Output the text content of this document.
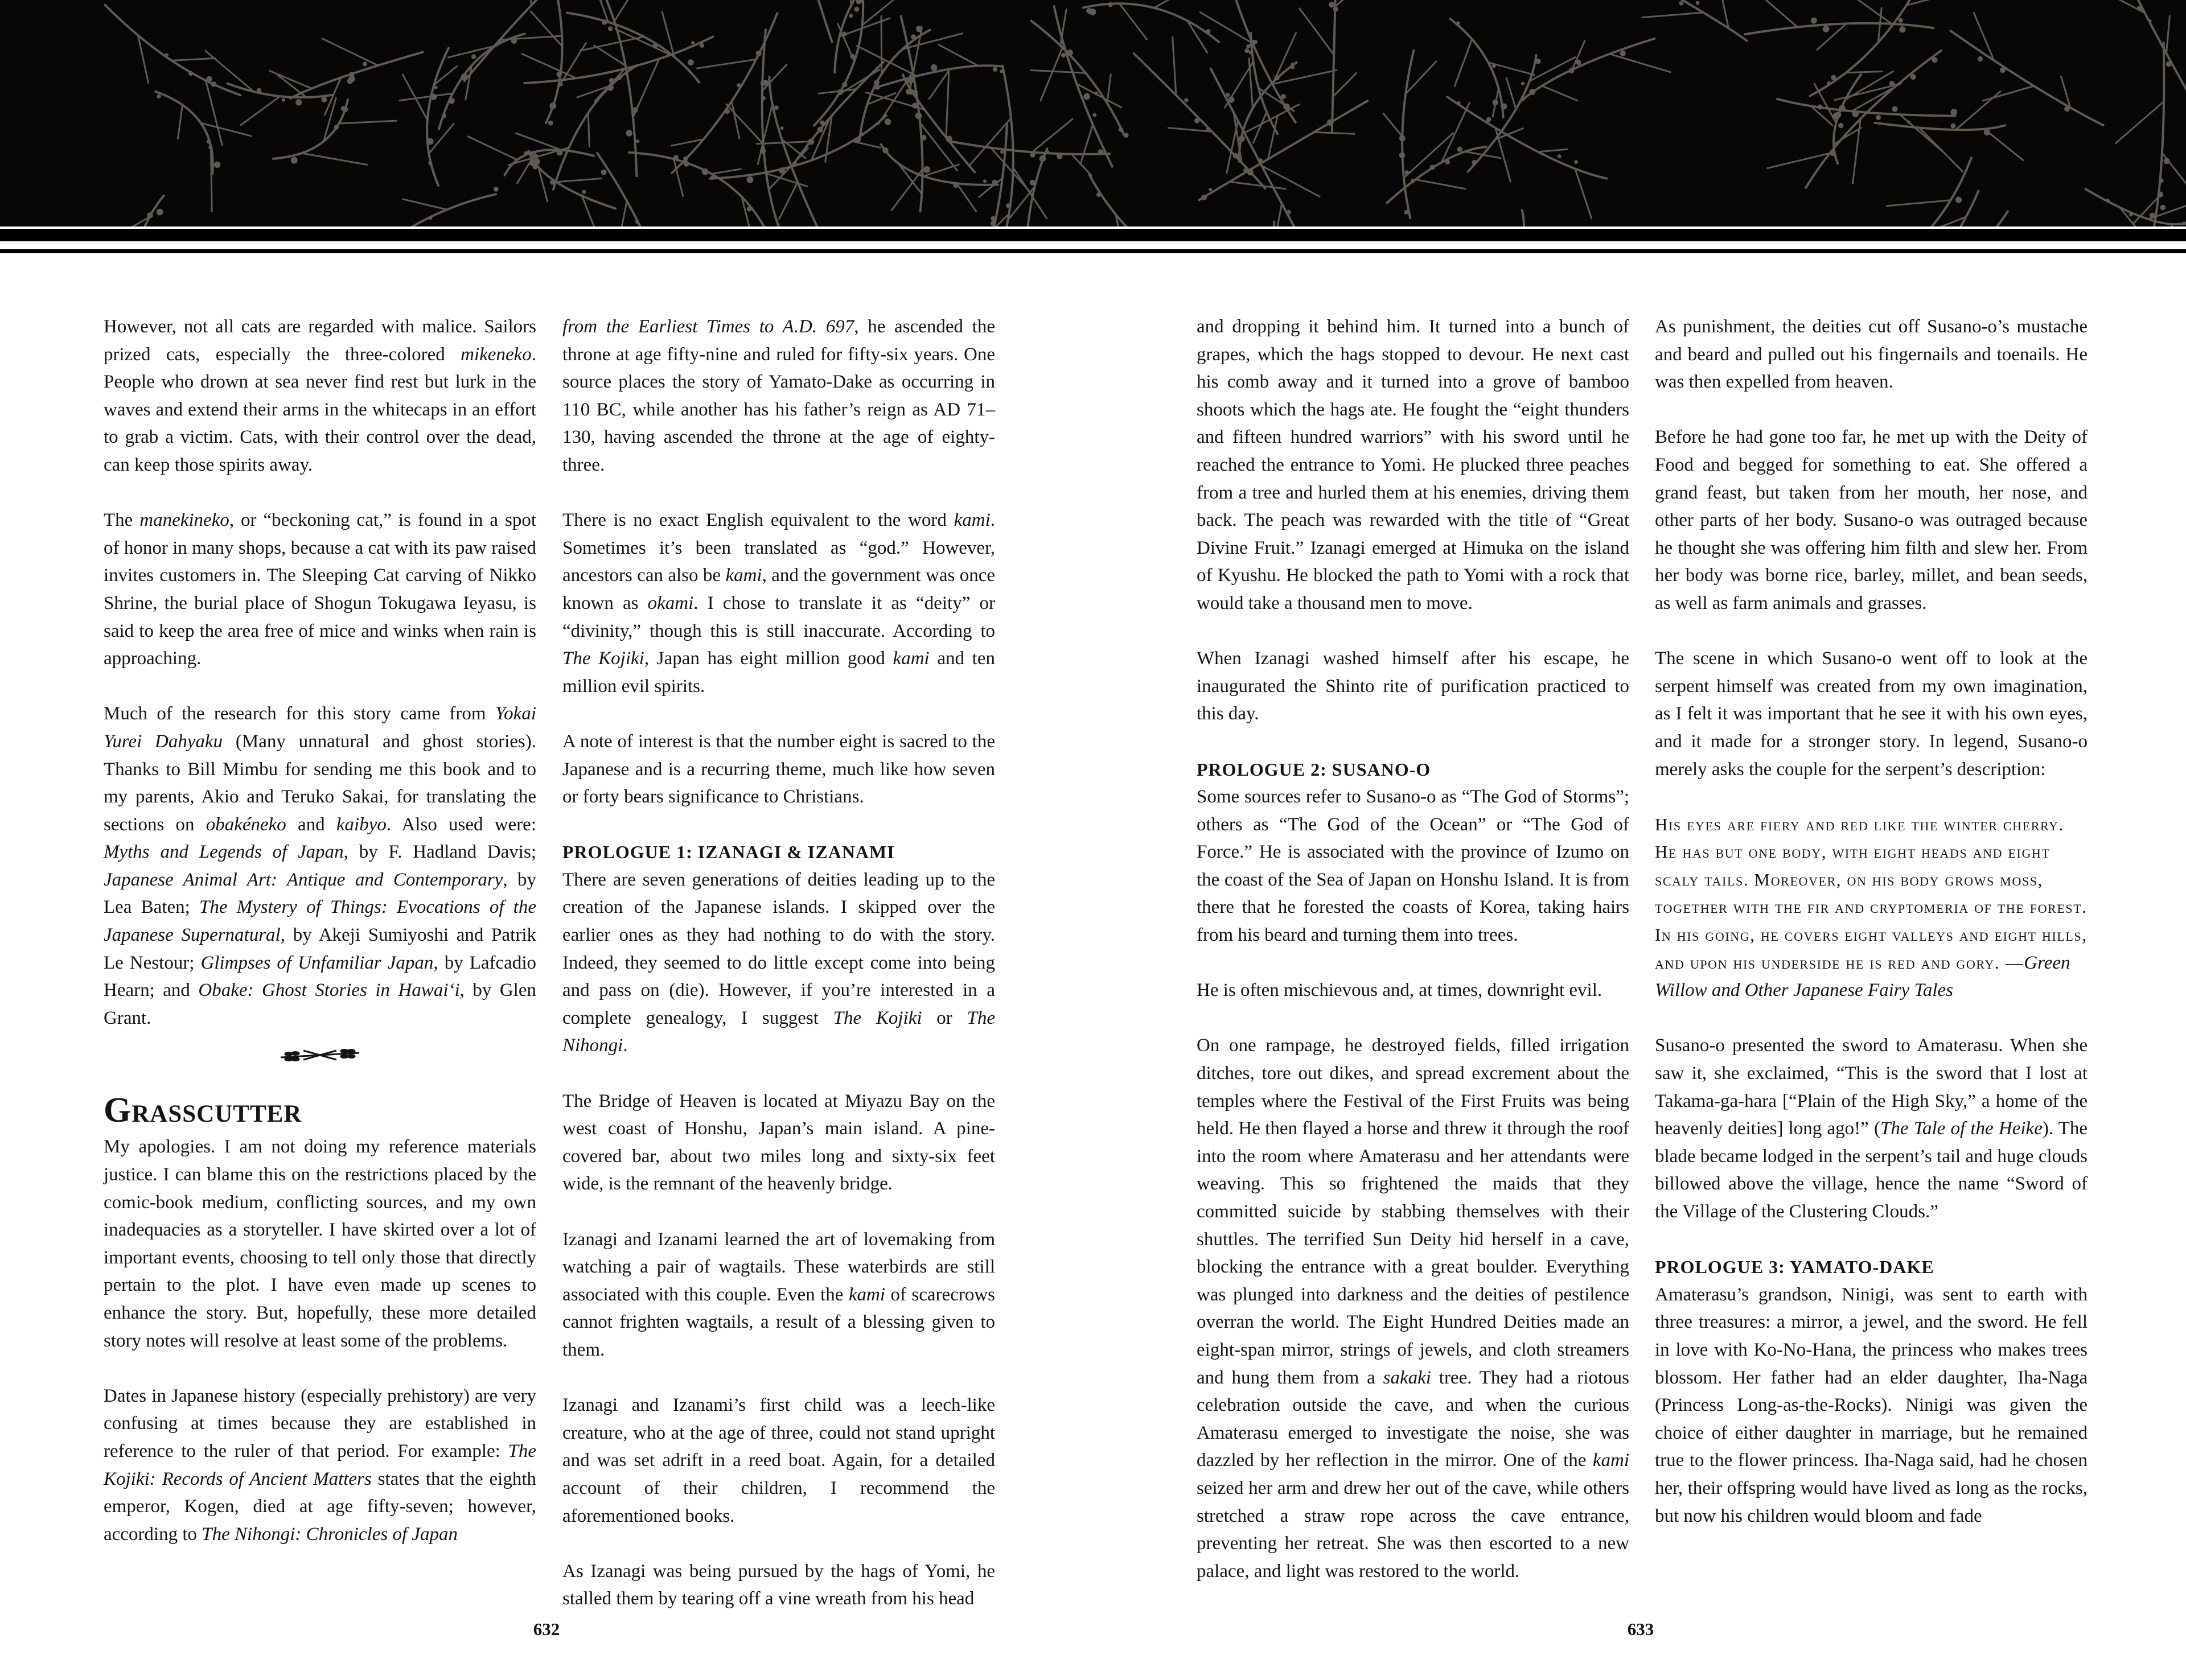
However, not all cats are regarded with malice. Sailors prized cats, especially the three-colored mikeneko. People who drown at sea never find rest but lurk in the waves and extend their arms in the whitecaps in an effort to grab a victim. Cats, with their control over the dead, can keep those spirits away.

The manekineko, or “beckoning cat,” is found in a spot of honor in many shops, because a cat with its paw raised invites customers in. The Sleeping Cat carving of Nikko Shrine, the burial place of Shogun Tokugawa Ieyasu, is said to keep the area free of mice and winks when rain is approaching.

Much of the research for this story came from Yokai Yurei Dahyaku (Many unnatural and ghost stories). Thanks to Bill Mimbu for sending me this book and to my parents, Akio and Teruko Sakai, for translating the sections on obakéneko and kaibyo. Also used were: Myths and Legends of Japan, by F. Hadland Davis; Japanese Animal Art: Antique and Contemporary, by Lea Baten; The Mystery of Things: Evocations of the Japanese Supernatural, by Akeji Sumiyoshi and Patrik Le Nestour; Glimpses of Unfamiliar Japan, by Lafcadio Hearn; and Obake: Ghost Stories in Hawai‘i, by Glen Grant.

Grasscutter

My apologies. I am not doing my reference materials justice. I can blame this on the restrictions placed by the comic-book medium, conflicting sources, and my own inadequacies as a storyteller. I have skirted over a lot of important events, choosing to tell only those that directly pertain to the plot. I have even made up scenes to enhance the story. But, hopefully, these more detailed story notes will resolve at least some of the problems.

Dates in Japanese history (especially prehistory) are very confusing at times because they are established in reference to the ruler of that period. For example: The Kojiki: Records of Ancient Matters states that the eighth emperor, Kogen, died at age fifty-seven; however, according to The Nihongi: Chronicles of Japan

from the Earliest Times to A.D. 697, he ascended the throne at age fifty-nine and ruled for fifty-six years. One source places the story of Yamato-Dake as occurring in 110 BC, while another has his father’s reign as AD 71–130, having ascended the throne at the age of eighty-three.

There is no exact English equivalent to the word kami. Sometimes it’s been translated as “god.” However, ancestors can also be kami, and the government was once known as okami. I chose to translate it as “deity” or “divinity,” though this is still inaccurate. According to The Kojiki, Japan has eight million good kami and ten million evil spirits.

A note of interest is that the number eight is sacred to the Japanese and is a recurring theme, much like how seven or forty bears significance to Christians.

PROLOGUE 1: IZANAGI & IZANAMI

There are seven generations of deities leading up to the creation of the Japanese islands. I skipped over the earlier ones as they had nothing to do with the story. Indeed, they seemed to do little except come into being and pass on (die). However, if you’re interested in a complete genealogy, I suggest The Kojiki or The Nihongi.

The Bridge of Heaven is located at Miyazu Bay on the west coast of Honshu, Japan’s main island. A pine-covered bar, about two miles long and sixty-six feet wide, is the remnant of the heavenly bridge.

Izanagi and Izanami learned the art of lovemaking from watching a pair of wagtails. These waterbirds are still associated with this couple. Even the kami of scarecrows cannot frighten wagtails, a result of a blessing given to them.

Izanagi and Izanami’s first child was a leech-like creature, who at the age of three, could not stand upright and was set adrift in a reed boat. Again, for a detailed account of their children, I recommend the aforementioned books.

As Izanagi was being pursued by the hags of Yomi, he stalled them by tearing off a vine wreath from his head

and dropping it behind him. It turned into a bunch of grapes, which the hags stopped to devour. He next cast his comb away and it turned into a grove of bamboo shoots which the hags ate. He fought the “eight thunders and fifteen hundred warriors” with his sword until he reached the entrance to Yomi. He plucked three peaches from a tree and hurled them at his enemies, driving them back. The peach was rewarded with the title of “Great Divine Fruit.” Izanagi emerged at Himuka on the island of Kyushu. He blocked the path to Yomi with a rock that would take a thousand men to move.

When Izanagi washed himself after his escape, he inaugurated the Shinto rite of purification practiced to this day.

PROLOGUE 2: SUSANO-O

Some sources refer to Susano-o as “The God of Storms”; others as “The God of the Ocean” or “The God of Force.” He is associated with the province of Izumo on the coast of the Sea of Japan on Honshu Island. It is from there that he forested the coasts of Korea, taking hairs from his beard and turning them into trees.

He is often mischievous and, at times, downright evil.

On one rampage, he destroyed fields, filled irrigation ditches, tore out dikes, and spread excrement about the temples where the Festival of the First Fruits was being held. He then flayed a horse and threw it through the roof into the room where Amaterasu and her attendants were weaving. This so frightened the maids that they committed suicide by stabbing themselves with their shuttles. The terrified Sun Deity hid herself in a cave, blocking the entrance with a great boulder. Everything was plunged into darkness and the deities of pestilence overran the world. The Eight Hundred Deities made an eight-span mirror, strings of jewels, and cloth streamers and hung them from a sakaki tree. They had a riotous celebration outside the cave, and when the curious Amaterasu emerged to investigate the noise, she was dazzled by her reflection in the mirror. One of the kami seized her arm and drew her out of the cave, while others stretched a straw rope across the cave entrance, preventing her retreat. She was then escorted to a new palace, and light was restored to the world.

As punishment, the deities cut off Susano-o’s mustache and beard and pulled out his fingernails and toenails. He was then expelled from heaven.

Before he had gone too far, he met up with the Deity of Food and begged for something to eat. She offered a grand feast, but taken from her mouth, her nose, and other parts of her body. Susano-o was outraged because he thought she was offering him filth and slew her. From her body was borne rice, barley, millet, and bean seeds, as well as farm animals and grasses.

The scene in which Susano-o went off to look at the serpent himself was created from my own imagination, as I felt it was important that he see it with his own eyes, and it made for a stronger story. In legend, Susano-o merely asks the couple for the serpent’s description:

His eyes are fiery and red like the winter cherry. He has but one body, with eight heads and eight scaly tails. Moreover, on his body grows moss, together with the fir and cryptomeria of the forest. In his going, he covers eight valleys and eight hills, and upon his underside he is red and gory. —Green Willow and Other Japanese Fairy Tales

Susano-o presented the sword to Amaterasu. When she saw it, she exclaimed, “This is the sword that I lost at Takama-ga-hara [“Plain of the High Sky,” a home of the heavenly deities] long ago!” (The Tale of the Heike). The blade became lodged in the serpent’s tail and huge clouds billowed above the village, hence the name “Sword of the Village of the Clustering Clouds.”

PROLOGUE 3: YAMATO-DAKE

Amaterasu’s grandson, Ninigi, was sent to earth with three treasures: a mirror, a jewel, and the sword. He fell in love with Ko-No-Hana, the princess who makes trees blossom. Her father had an elder daughter, Iha-Naga (Princess Long-as-the-Rocks). Ninigi was given the choice of either daughter in marriage, but he remained true to the flower princess. Iha-Naga said, had he chosen her, their offspring would have lived as long as the rocks, but now his children would bloom and fade

632	633
